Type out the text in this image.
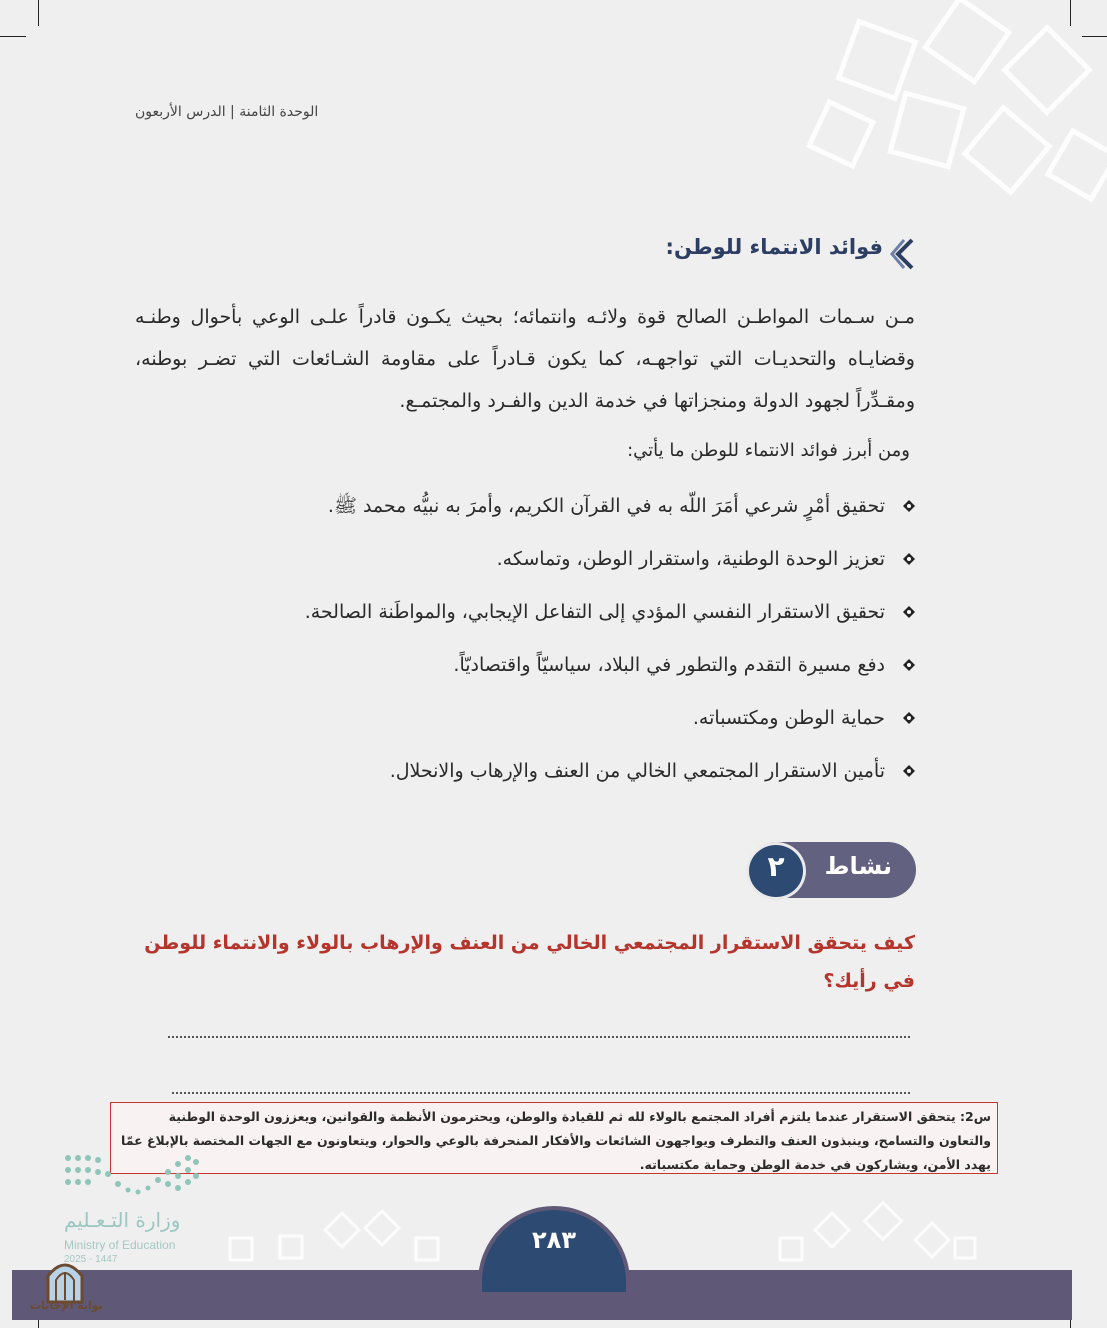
الوحدة الثامنة | الدرس الأربعون
فوائد الانتماء للوطن:
مـن سـمات المواطـن الصالح قوة ولائـه وانتمائه؛ بحيث يكـون قادراً علـى الوعي بأحوال وطنـه وقضايـاه والتحديـات التي تواجهـه، كما يكون قـادراً على مقاومة الشـائعات التي تضـر بوطنه، ومقـدِّراً لجهود الدولة ومنجزاتها في خدمة الدين والفـرد والمجتمـع.
ومن أبرز فوائد الانتماء للوطن ما يأتي:
تحقيق أمْرٍ شرعي أمَرَ اللّه به في القرآن الكريم، وأمرَ به نبيُّه محمد ﷺ.
تعزيز الوحدة الوطنية، واستقرار الوطن، وتماسكه.
تحقيق الاستقرار النفسي المؤدي إلى التفاعل الإيجابي، والمواطَنة الصالحة.
دفع مسيرة التقدم والتطور في البلاد، سياسيّاً واقتصاديّاً.
حماية الوطن ومكتسباته.
تأمين الاستقرار المجتمعي الخالي من العنف والإرهاب والانحلال.
نشاط
٢
كيف يتحقق الاستقرار المجتمعي الخالي من العنف والإرهاب بالولاء والانتماء للوطن في رأيك؟
س2: يتحقق الاستقرار عندما يلتزم أفراد المجتمع بالولاء لله ثم للقيادة والوطن، ويحترمون الأنظمة والقوانين، ويعززون الوحدة الوطنية والتعاون والتسامح، وينبذون العنف والتطرف ويواجهون الشائعات والأفكار المنحرفة بالوعي والحوار، ويتعاونون مع الجهات المختصة بالإبلاغ عمّا يهدد الأمن، ويشاركون في خدمة الوطن وحماية مكتسباته.
وزارة التـعـليم
Ministry of Education
2025 - 1447
٢٨٣
بوابة الإجابات
